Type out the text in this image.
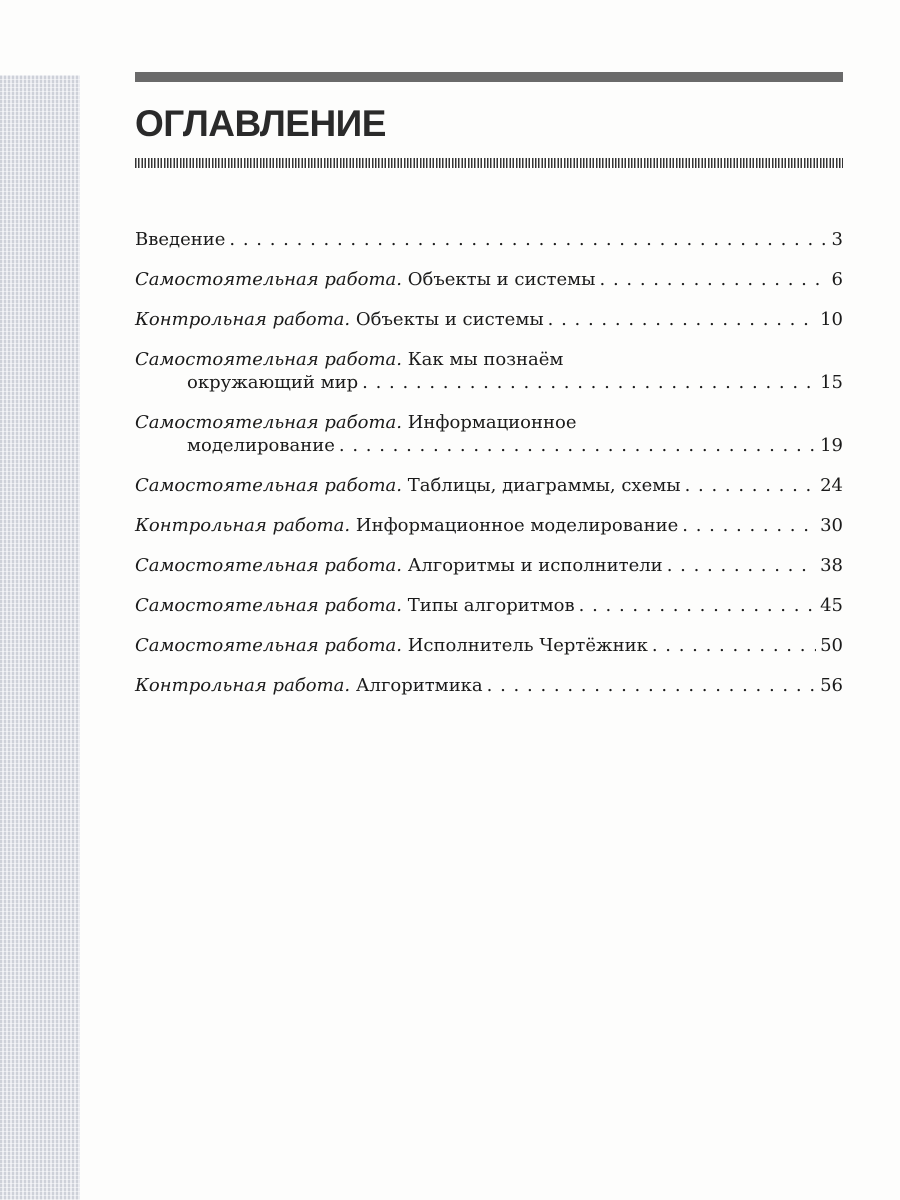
ОГЛАВЛЕНИЕ
Введение . . .	3
Самостоятельная работа. Объекты и системы . . .	6
Контрольная работа. Объекты и системы . . .	10
Самостоятельная работа. Как мы познаём
окружающий мир . . .	15
Самостоятельная работа. Информационное
моделирование . . .	19
Самостоятельная работа. Таблицы, диаграммы, схемы . . .	24
Контрольная работа. Информационное моделирование . . .	30
Самостоятельная работа. Алгоритмы и исполнители . . .	38
Самостоятельная работа. Типы алгоритмов . . .	45
Самостоятельная работа. Исполнитель Чертёжник . . .	50
Контрольная работа. Алгоритмика . . .	56
